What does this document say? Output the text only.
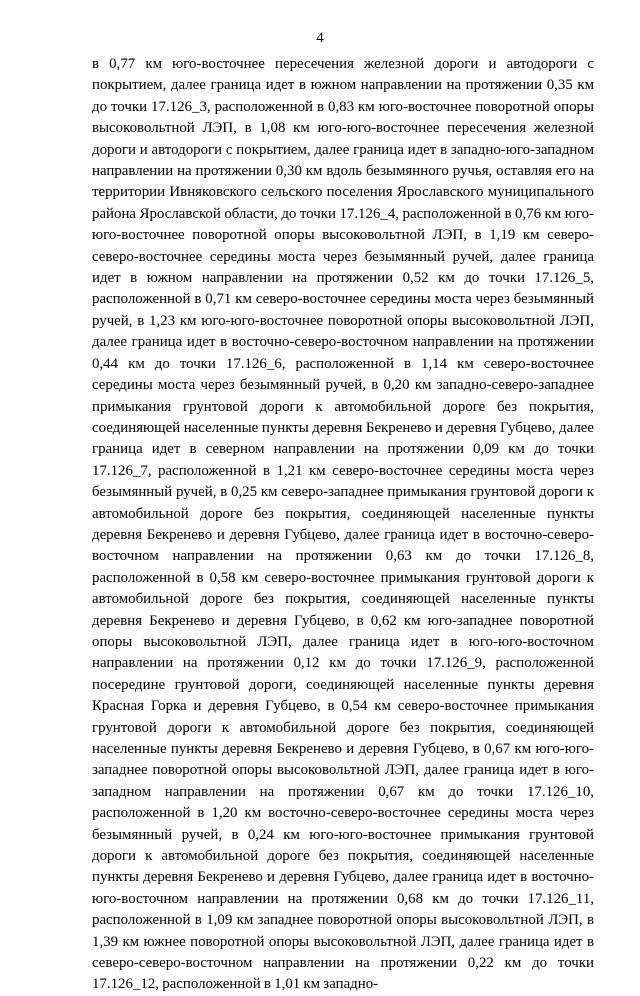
4

в 0,77 км юго-восточнее пересечения железной дороги и автодороги с покрытием, далее граница идет в южном направлении на протяжении 0,35 км до точки 17.126_3, расположенной в 0,83 км юго-восточнее поворотной опоры высоковольтной ЛЭП, в 1,08 км юго-юго-восточнее пересечения железной дороги и автодороги с покрытием, далее граница идет в западно-юго-западном направлении на протяжении 0,30 км вдоль безымянного ручья, оставляя его на территории Ивняковского сельского поселения Ярославского муниципального района Ярославской области, до точки 17.126_4, расположенной в 0,76 км юго-юго-восточнее поворотной опоры высоковольтной ЛЭП, в 1,19 км северо-северо-восточнее середины моста через безымянный ручей, далее граница идет в южном направлении на протяжении 0,52 км до точки 17.126_5, расположенной в 0,71 км северо-восточнее середины моста через безымянный ручей, в 1,23 км юго-юго-восточнее поворотной опоры высоковольтной ЛЭП, далее граница идет в восточно-северо-восточном направлении на протяжении 0,44 км до точки 17.126_6, расположенной в 1,14 км северо-восточнее середины моста через безымянный ручей, в 0,20 км западно-северо-западнее примыкания грунтовой дороги к автомобильной дороге без покрытия, соединяющей населенные пункты деревня Бекренево и деревня Губцево, далее граница идет в северном направлении на протяжении 0,09 км до точки 17.126_7, расположенной в 1,21 км северо-восточнее середины моста через безымянный ручей, в 0,25 км северо-западнее примыкания грунтовой дороги к автомобильной дороге без покрытия, соединяющей населенные пункты деревня Бекренево и деревня Губцево, далее граница идет в восточно-северо-восточном направлении на протяжении 0,63 км до точки 17.126_8, расположенной в 0,58 км северо-восточнее примыкания грунтовой дороги к автомобильной дороге без покрытия, соединяющей населенные пункты деревня Бекренево и деревня Губцево, в 0,62 км юго-западнее поворотной опоры высоковольтной ЛЭП, далее граница идет в юго-юго-восточном направлении на протяжении 0,12 км до точки 17.126_9, расположенной посередине грунтовой дороги, соединяющей населенные пункты деревня Красная Горка и деревня Губцево, в 0,54 км северо-восточнее примыкания грунтовой дороги к автомобильной дороге без покрытия, соединяющей населенные пункты деревня Бекренево и деревня Губцево, в 0,67 км юго-юго-западнее поворотной опоры высоковольтной ЛЭП, далее граница идет в юго-западном направлении на протяжении 0,67 км до точки 17.126_10, расположенной в 1,20 км восточно-северо-восточнее середины моста через безымянный ручей, в 0,24 км юго-юго-восточнее примыкания грунтовой дороги к автомобильной дороге без покрытия, соединяющей населенные пункты деревня Бекренево и деревня Губцево, далее граница идет в восточно-юго-восточном направлении на протяжении 0,68 км до точки 17.126_11, расположенной в 1,09 км западнее поворотной опоры высоковольтной ЛЭП, в 1,39 км южнее поворотной опоры высоковольтной ЛЭП, далее граница идет в северо-северо-восточном направлении на протяжении 0,22 км до точки 17.126_12, расположенной в 1,01 км западно-
